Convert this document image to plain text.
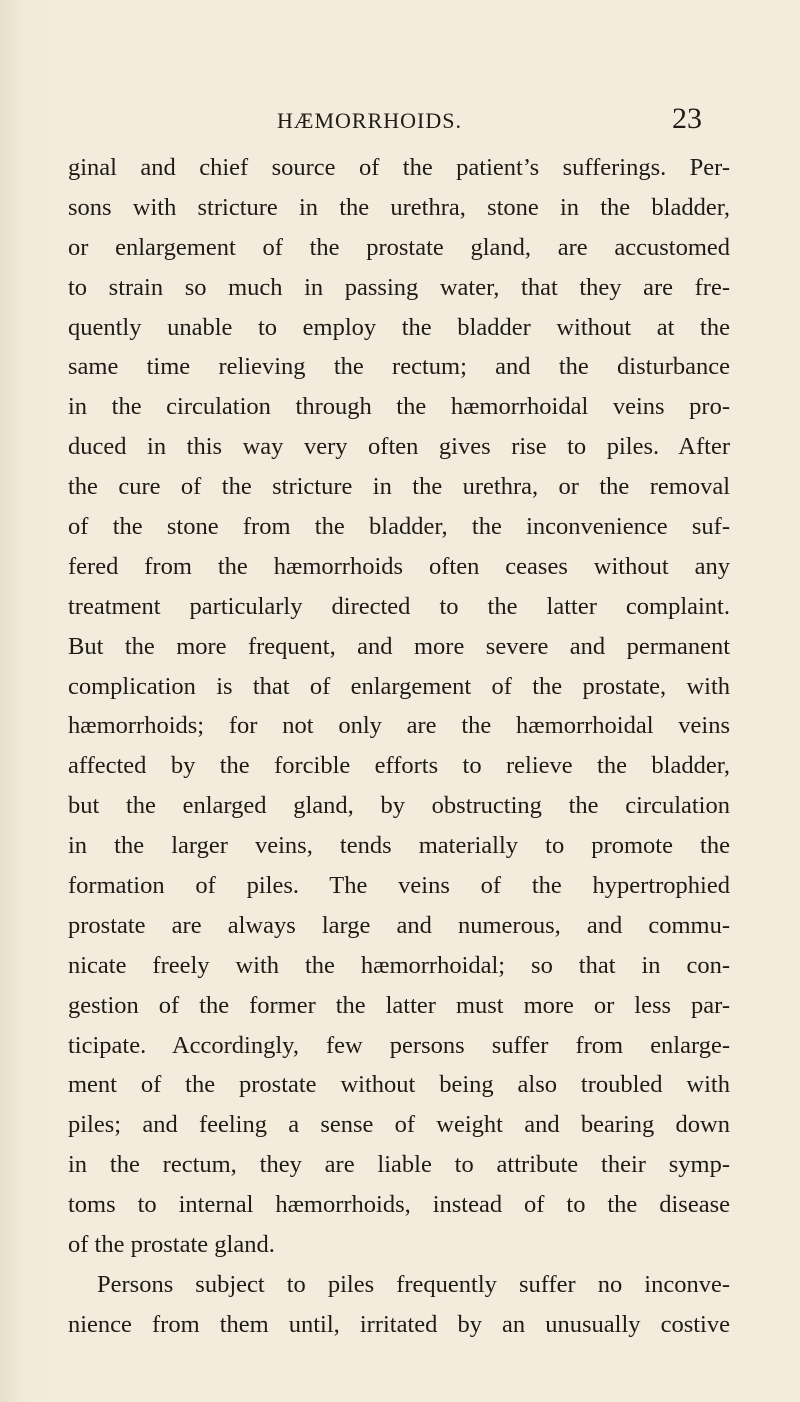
HÆMORRHOIDS.	23
ginal and chief source of the patient’s sufferings. Per-
sons with stricture in the urethra, stone in the bladder,
or enlargement of the prostate gland, are accustomed
to strain so much in passing water, that they are fre-
quently unable to employ the bladder without at the
same time relieving the rectum; and the disturbance
in the circulation through the hæmorrhoidal veins pro-
duced in this way very often gives rise to piles. After
the cure of the stricture in the urethra, or the removal
of the stone from the bladder, the inconvenience suf-
fered from the hæmorrhoids often ceases without any
treatment particularly directed to the latter complaint.
But the more frequent, and more severe and permanent
complication is that of enlargement of the prostate, with
hæmorrhoids; for not only are the hæmorrhoidal veins
affected by the forcible efforts to relieve the bladder,
but the enlarged gland, by obstructing the circulation
in the larger veins, tends materially to promote the
formation of piles. The veins of the hypertrophied
prostate are always large and numerous, and commu-
nicate freely with the hæmorrhoidal; so that in con-
gestion of the former the latter must more or less par-
ticipate. Accordingly, few persons suffer from enlarge-
ment of the prostate without being also troubled with
piles; and feeling a sense of weight and bearing down
in the rectum, they are liable to attribute their symp-
toms to internal hæmorrhoids, instead of to the disease
of the prostate gland.
Persons subject to piles frequently suffer no inconve-
nience from them until, irritated by an unusually costive
